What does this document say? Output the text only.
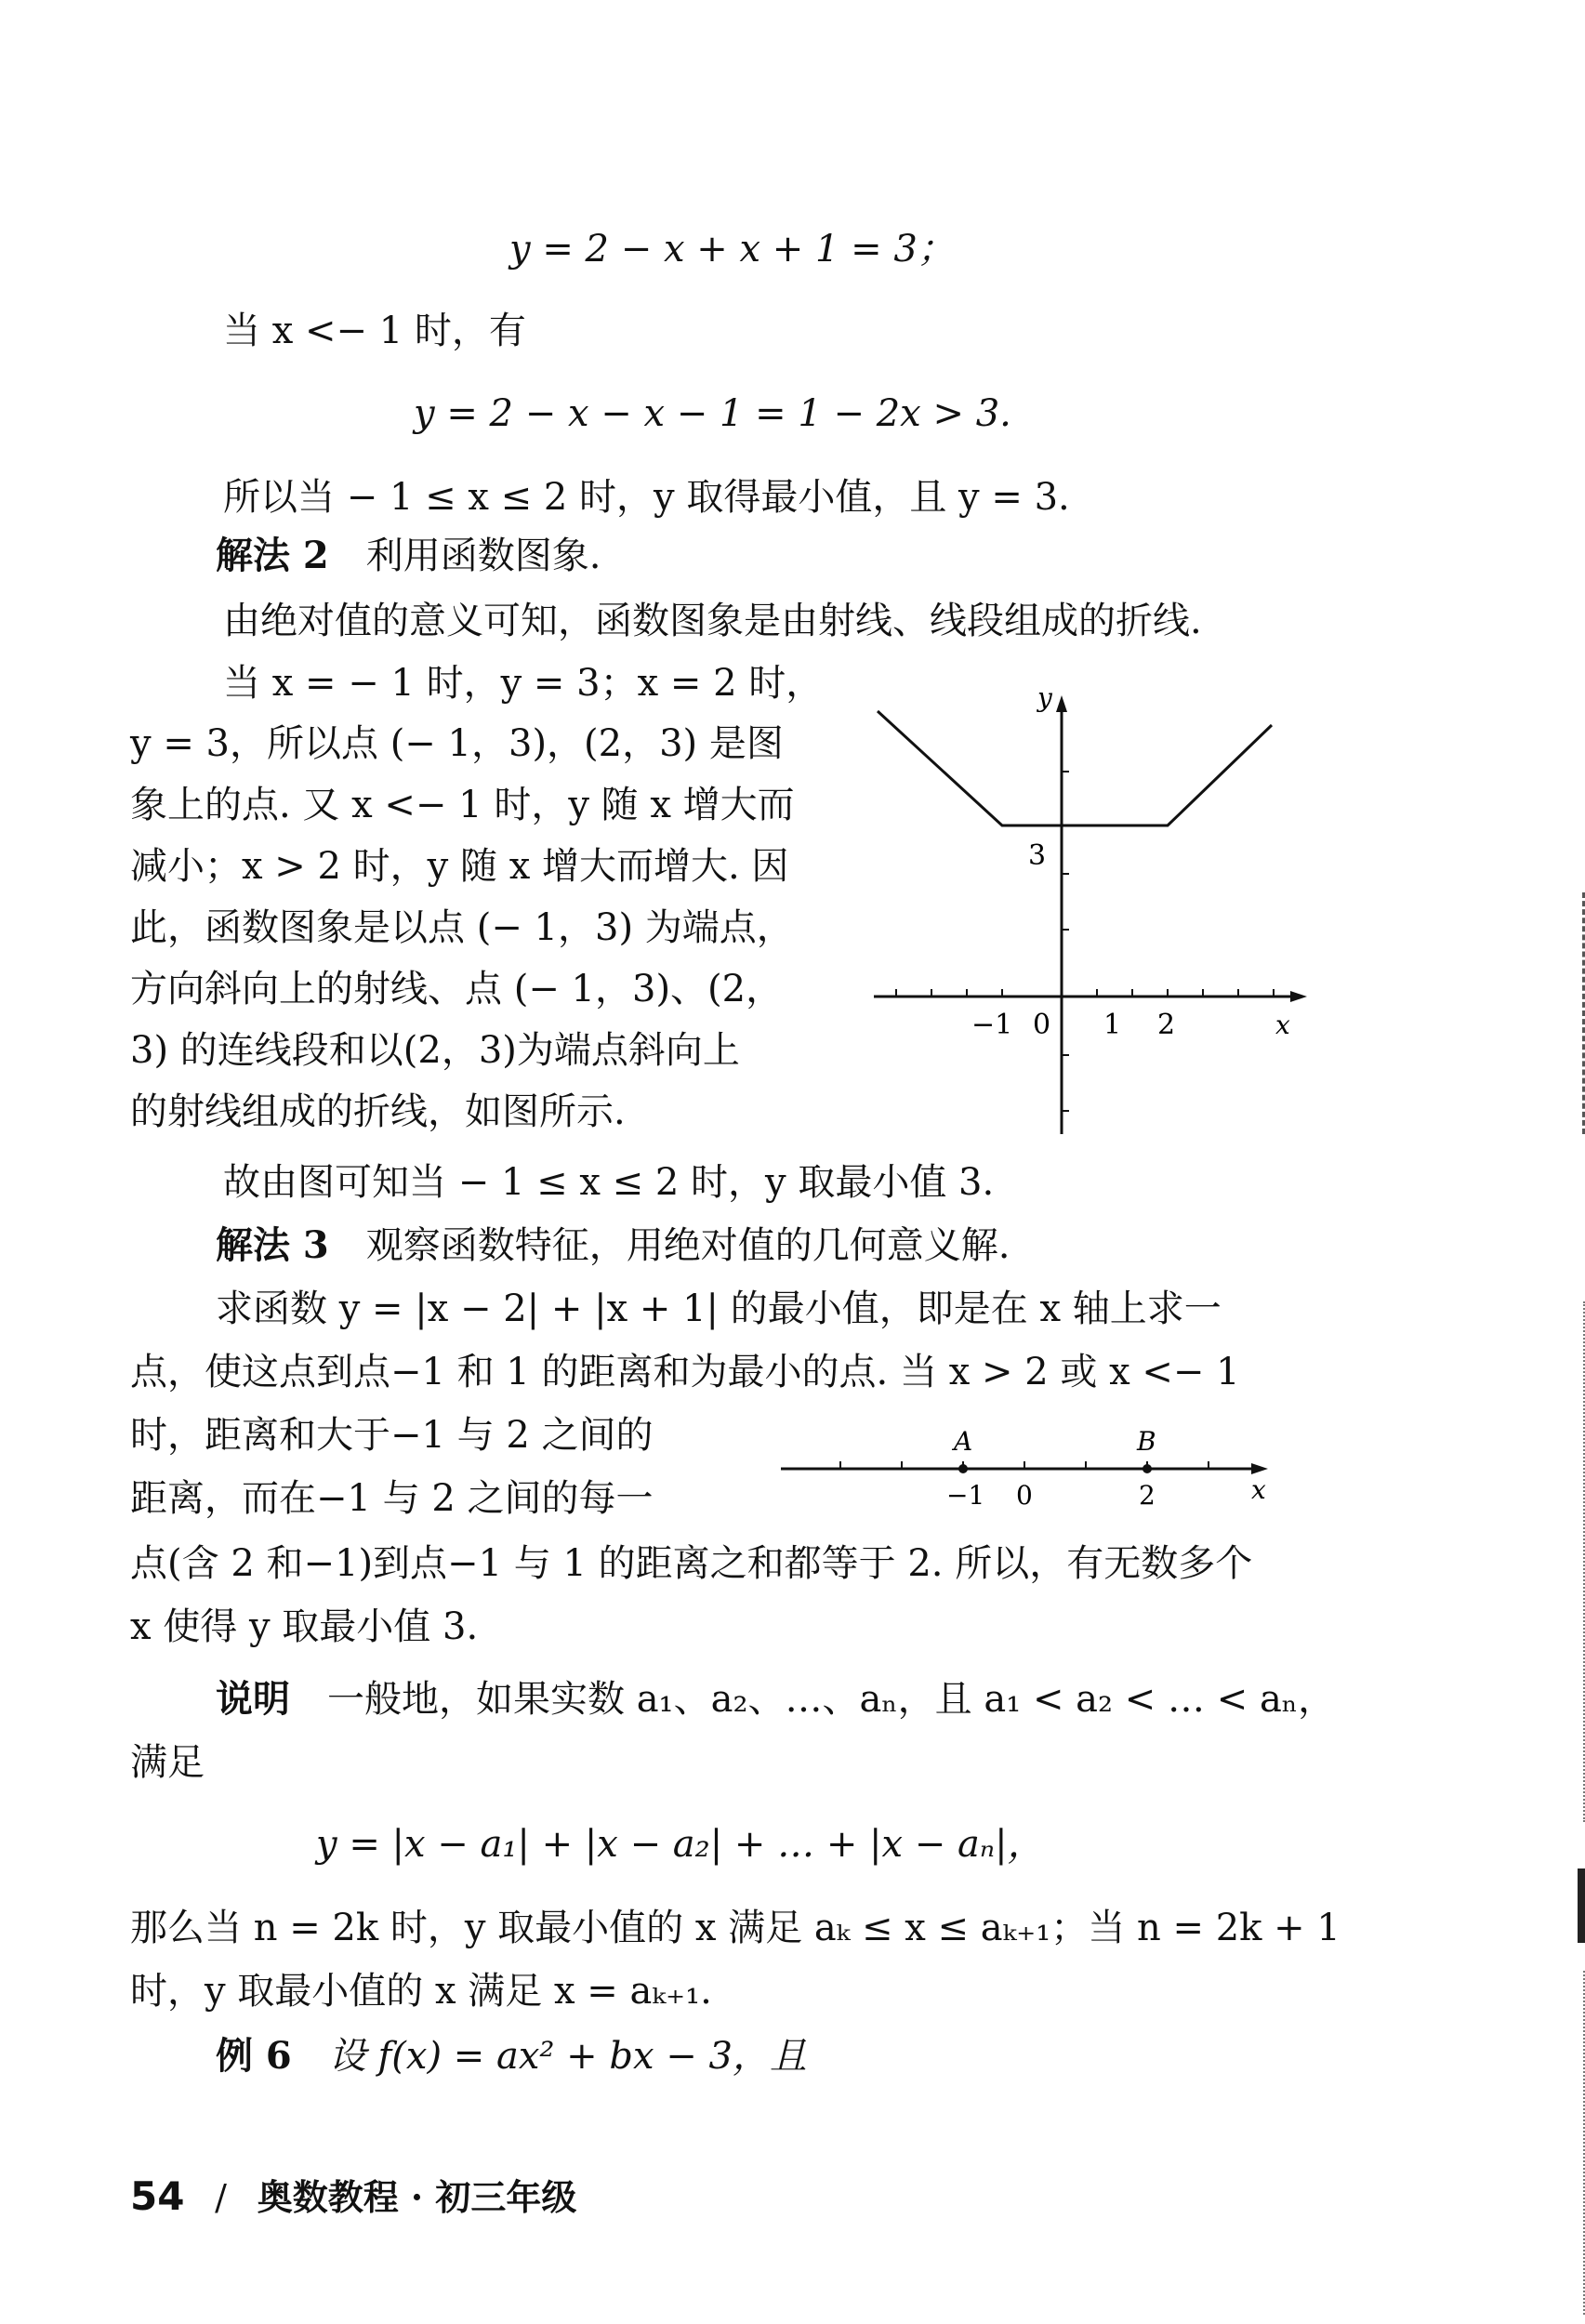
y = 2 − x + x + 1 = 3；
当 x <− 1 时，有
y = 2 − x − x − 1 = 1 − 2x > 3.
所以当 − 1 ≤ x ≤ 2 时，y 取得最小值，且 y = 3.
解法 2 利用函数图象.
由绝对值的意义可知，函数图象是由射线、线段组成的折线.
当 x = − 1 时，y = 3；x = 2 时，
y = 3，所以点 (− 1，3)，(2，3) 是图
象上的点. 又 x <− 1 时，y 随 x 增大而
减小；x > 2 时，y 随 x 增大而增大. 因
此，函数图象是以点 (− 1，3) 为端点，
方向斜向上的射线、点 (− 1，3)、(2，
3) 的连线段和以(2，3)为端点斜向上
的射线组成的折线，如图所示.
y
3
−1 0 1 2	x
故由图可知当 − 1 ≤ x ≤ 2 时，y 取最小值 3.
解法 3 观察函数特征，用绝对值的几何意义解.
求函数 y = |x − 2| + |x + 1| 的最小值，即是在 x 轴上求一
点，使这点到点−1 和 1 的距离和为最小的点. 当 x > 2 或 x <− 1
时，距离和大于−1 与 2 之间的
距离，而在−1 与 2 之间的每一
A	B
−1 0	2	x
点(含 2 和−1)到点−1 与 1 的距离之和都等于 2. 所以，有无数多个
x 使得 y 取最小值 3.
说明 一般地，如果实数 a₁、a₂、…、aₙ，且 a₁ < a₂ < … < aₙ，
满足
y = |x − a₁| + |x − a₂| + … + |x − aₙ|，
那么当 n = 2k 时，y 取最小值的 x 满足 aₖ ≤ x ≤ aₖ₊₁；当 n = 2k + 1
时，y 取最小值的 x 满足 x = aₖ₊₁.
例 6 设 f(x) = ax² + bx − 3，且
54 / 奥数教程 · 初三年级
